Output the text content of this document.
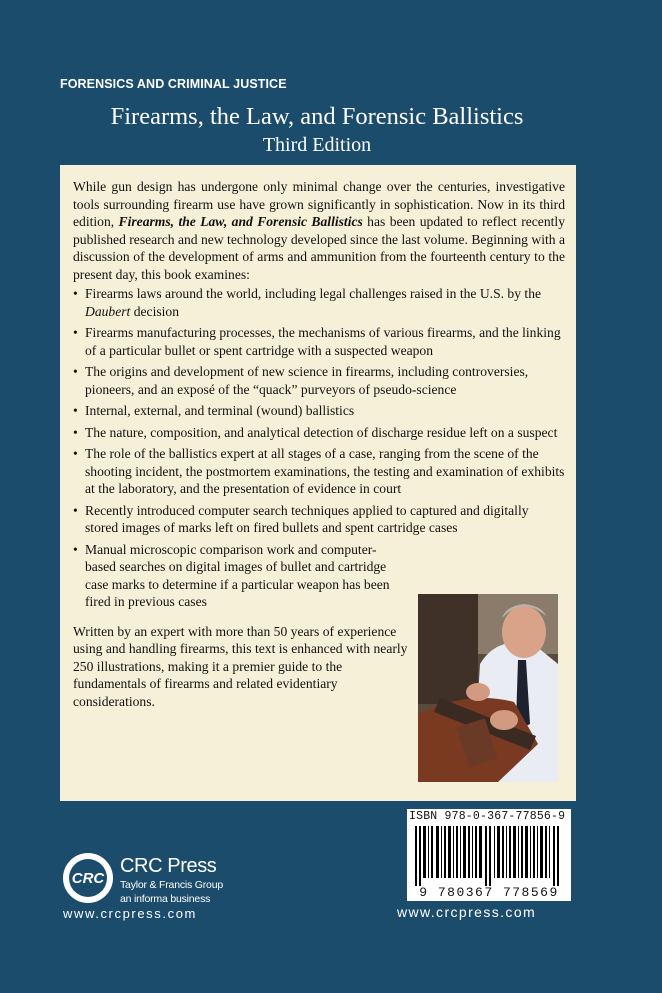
FORENSICS AND CRIMINAL JUSTICE
Firearms, the Law, and Forensic Ballistics
Third Edition

While gun design has undergone only minimal change over the centuries, investigative tools surrounding firearm use have grown significantly in sophistication. Now in its third edition, Firearms, the Law, and Forensic Ballistics has been updated to reflect recently published research and new technology developed since the last volume. Beginning with a discussion of the development of arms and ammunition from the fourteenth century to the present day, this book examines:

• Firearms laws around the world, including legal challenges raised in the U.S. by the Daubert decision
• Firearms manufacturing processes, the mechanisms of various firearms, and the linking of a particular bullet or spent cartridge with a suspected weapon
• The origins and development of new science in firearms, including controversies, pioneers, and an exposé of the “quack” purveyors of pseudo-science
• Internal, external, and terminal (wound) ballistics
• The nature, composition, and analytical detection of discharge residue left on a suspect
• The role of the ballistics expert at all stages of a case, ranging from the scene of the shooting incident, the postmortem examinations, the testing and examination of exhibits at the laboratory, and the presentation of evidence in court
• Recently introduced computer search techniques applied to captured and digitally stored images of marks left on fired bullets and spent cartridge cases
• Manual microscopic comparison work and computer-based searches on digital images of bullet and cartridge case marks to determine if a particular weapon has been fired in previous cases

Written by an expert with more than 50 years of experience using and handling firearms, this text is enhanced with nearly 250 illustrations, making it a premier guide to the fundamentals of firearms and related evidentiary considerations.

ISBN 978-0-367-77856-9
9 780367 778569
CRC
CRC Press
Taylor & Francis Group
an informa business
www.crcpress.com	www.crcpress.com
